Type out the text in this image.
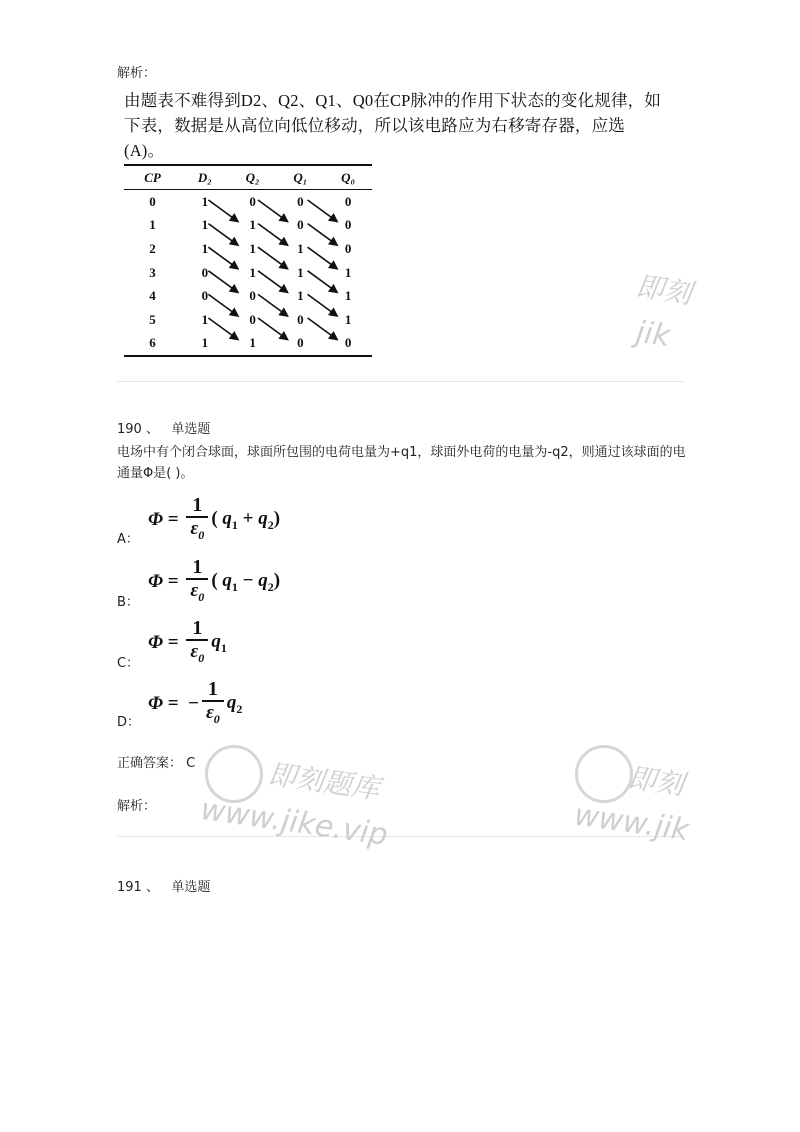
解析：
由题表不难得到D2、Q2、Q1、Q0在CP脉冲的作用下状态的变化规律，如下表，数据是从高位向低位移动，所以该电路应为右移寄存器，应选(A)。
CP	D₂	Q₂	Q₁	Q₀
0	1	0	0	0
1	1	1	0	0
2	1	1	1	0
3	0	1	1	1
4	0	0	1	1
5	1	0	0	1
6	1	1	0	0
190 、 单选题
电场中有个闭合球面，球面所包围的电荷电量为+q1，球面外电荷的电量为-q2，则通过该球面的电通量Φ是( )。
$\Phi = \frac{1}{\varepsilon_0}$ ( $q_1 + q_2$)
A：
$\Phi = \frac{1}{\varepsilon_0}$ ( $q_1 - q_2$)
B：
$\Phi = \frac{1}{\varepsilon_0} q_1$
C：
Φ =  − $\frac{1}{\varepsilon_0} q_2$
D：
正确答案： C
解析：
191 、 单选题
即刻题库
www.jike.vip
即刻
www.jik
即刻
jik
